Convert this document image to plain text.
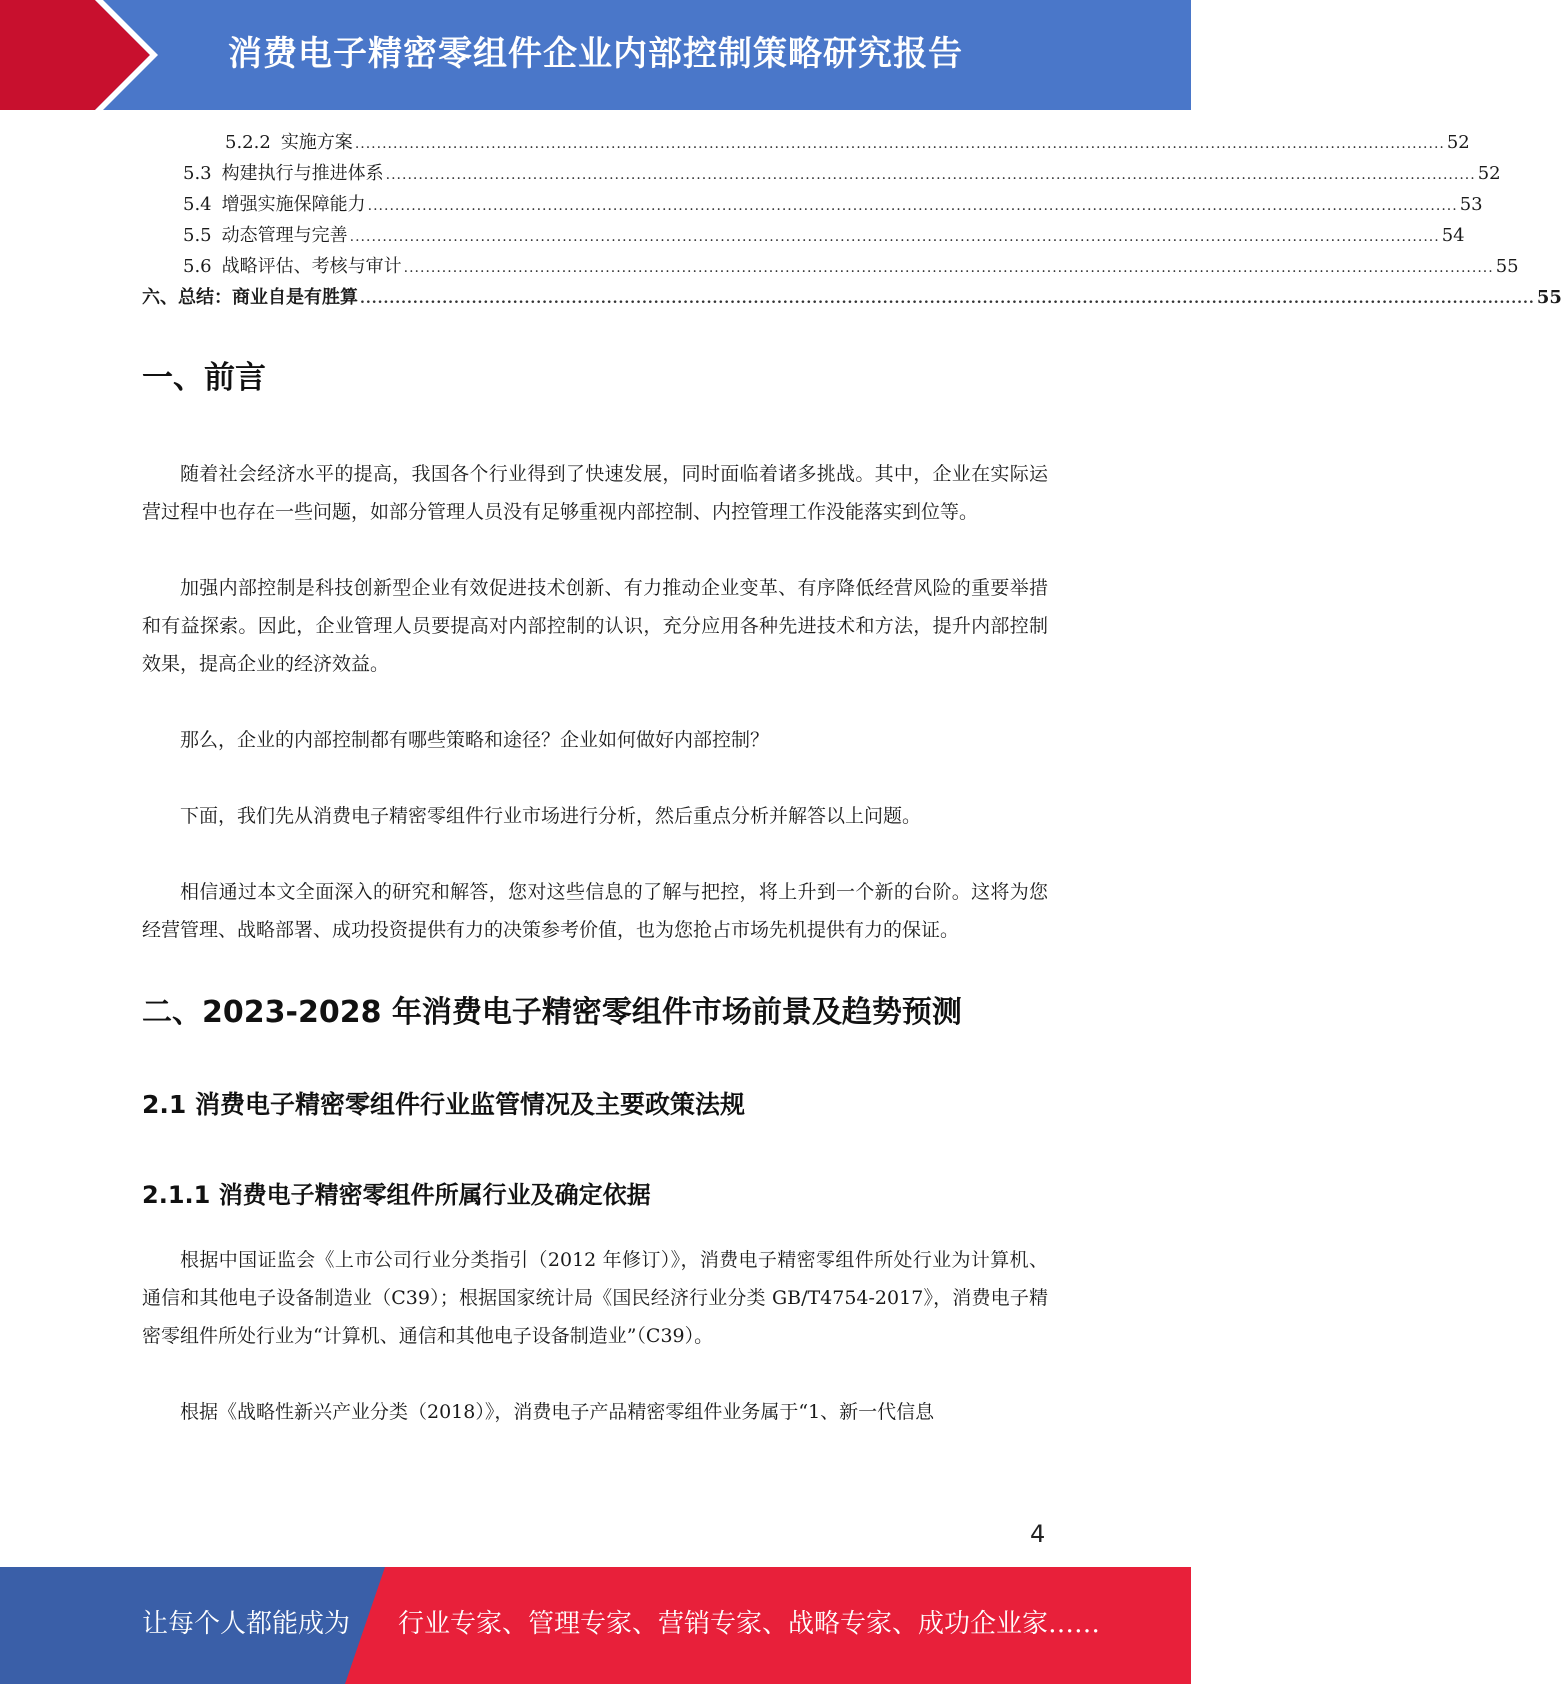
消费电子精密零组件企业内部控制策略研究报告
5.2.2 实施方案 ........................................................................................................................................................................................................ 52
5.3 构建执行与推进体系 ........................................................................................................................................................................................................ 52
5.4 增强实施保障能力 ........................................................................................................................................................................................................ 53
5.5 动态管理与完善 ........................................................................................................................................................................................................ 54
5.6 战略评估、考核与审计 ........................................................................................................................................................................................................ 55
六、总结：商业自是有胜算 ........................................................................................................................................................................................................ 55
一、前言

随着社会经济水平的提高，我国各个行业得到了快速发展，同时面临着诸多挑战。其中，企业在实际运营过程中也存在一些问题，如部分管理人员没有足够重视内部控制、内控管理工作没能落实到位等。

加强内部控制是科技创新型企业有效促进技术创新、有力推动企业变革、有序降低经营风险的重要举措和有益探索。因此，企业管理人员要提高对内部控制的认识，充分应用各种先进技术和方法，提升内部控制效果，提高企业的经济效益。

那么，企业的内部控制都有哪些策略和途径？企业如何做好内部控制？

下面，我们先从消费电子精密零组件行业市场进行分析，然后重点分析并解答以上问题。

相信通过本文全面深入的研究和解答，您对这些信息的了解与把控，将上升到一个新的台阶。这将为您经营管理、战略部署、成功投资提供有力的决策参考价值，也为您抢占市场先机提供有力的保证。

二、2023-2028 年消费电子精密零组件市场前景及趋势预测
2.1 消费电子精密零组件行业监管情况及主要政策法规
2.1.1 消费电子精密零组件所属行业及确定依据

根据中国证监会《上市公司行业分类指引（2012 年修订）》，消费电子精密零组件所处行业为计算机、通信和其他电子设备制造业（C39）；根据国家统计局《国民经济行业分类 GB/T4754-2017》，消费电子精密零组件所处行业为“计算机、通信和其他电子设备制造业”（C39）。

根据《战略性新兴产业分类（2018）》，消费电子产品精密零组件业务属于“1、新一代信息

4
让每个人都能成为 行业专家、管理专家、营销专家、战略专家、成功企业家……
